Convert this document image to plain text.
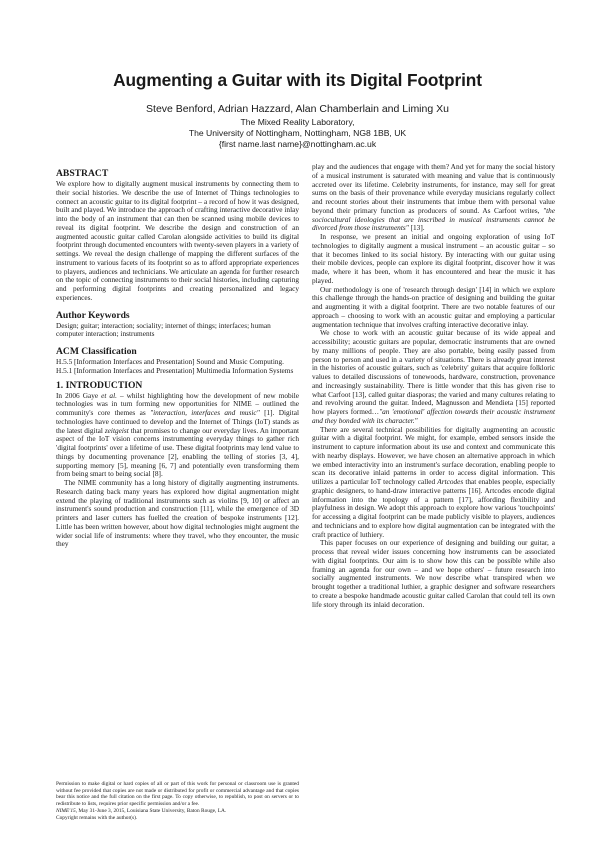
Augmenting a Guitar with its Digital Footprint
Steve Benford, Adrian Hazzard, Alan Chamberlain and Liming Xu
The Mixed Reality Laboratory,
The University of Nottingham, Nottingham, NG8 1BB, UK
{first name.last name}@nottingham.ac.uk
ABSTRACT

We explore how to digitally augment musical instruments by connecting them to their social histories. We describe the use of Internet of Things technologies to connect an acoustic guitar to its digital footprint – a record of how it was designed, built and played. We introduce the approach of crafting interactive decorative inlay into the body of an instrument that can then be scanned using mobile devices to reveal its digital footprint. We describe the design and construction of an augmented acoustic guitar called Carolan alongside activities to build its digital footprint through documented encounters with twenty-seven players in a variety of settings. We reveal the design challenge of mapping the different surfaces of the instrument to various facets of its footprint so as to afford appropriate experiences to players, audiences and technicians. We articulate an agenda for further research on the topic of connecting instruments to their social histories, including capturing and performing digital footprints and creating personalized and legacy experiences.

Author Keywords

Design; guitar; interaction; sociality; internet of things; interfaces; human computer interaction; instruments

ACM Classification

H.5.5 [Information Interfaces and Presentation] Sound and Music Computing.

H.5.1 [Information Interfaces and Presentation] Multimedia Information Systems

1. INTRODUCTION

In 2006 Gaye et al. – whilst highlighting how the development of new mobile technologies was in turn forming new opportunities for NIME – outlined the community's core themes as "interaction, interfaces and music" [1]. Digital technologies have continued to develop and the Internet of Things (IoT) stands as the latest digital zeitgeist that promises to change our everyday lives. An important aspect of the IoT vision concerns instrumenting everyday things to gather rich 'digital footprints' over a lifetime of use. These digital footprints may lend value to things by documenting provenance [2], enabling the telling of stories [3, 4], supporting memory [5], meaning [6, 7] and potentially even transforming them from being smart to being social [8].

The NIME community has a long history of digitally augmenting instruments. Research dating back many years has explored how digital augmentation might extend the playing of traditional instruments such as violins [9, 10] or affect an instrument's sound production and construction [11], while the emergence of 3D printers and laser cutters has fuelled the creation of bespoke instruments [12]. Little has been written however, about how digital technologies might augment the wider social life of instruments: where they travel, who they encounter, the music they

play and the audiences that engage with them? And yet for many the social history of a musical instrument is saturated with meaning and value that is continuously accreted over its lifetime. Celebrity instruments, for instance, may sell for great sums on the basis of their provenance while everyday musicians regularly collect and recount stories about their instruments that imbue them with personal value beyond their primary function as producers of sound. As Carfoot writes, "the sociocultural ideologies that are inscribed in musical instruments cannot be divorced from those instruments" [13].

In response, we present an initial and ongoing exploration of using IoT technologies to digitally augment a musical instrument – an acoustic guitar – so that it becomes linked to its social history. By interacting with our guitar using their mobile devices, people can explore its digital footprint, discover how it was made, where it has been, whom it has encountered and hear the music it has played.

Our methodology is one of 'research through design' [14] in which we explore this challenge through the hands-on practice of designing and building the guitar and augmenting it with a digital footprint. There are two notable features of our approach – choosing to work with an acoustic guitar and employing a particular augmentation technique that involves crafting interactive decorative inlay.

We chose to work with an acoustic guitar because of its wide appeal and accessibility; acoustic guitars are popular, democratic instruments that are owned by many millions of people. They are also portable, being easily passed from person to person and used in a variety of situations. There is already great interest in the histories of acoustic guitars, such as 'celebrity' guitars that acquire folkloric values to detailed discussions of tonewoods, hardware, construction, provenance and increasingly sustainability. There is little wonder that this has given rise to what Carfoot [13], called guitar diasporas; the varied and many cultures relating to and revolving around the guitar. Indeed, Magnusson and Mendieta [15] reported how players formed…"an 'emotional' affection towards their acoustic instrument and they bonded with its character."

There are several technical possibilities for digitally augmenting an acoustic guitar with a digital footprint. We might, for example, embed sensors inside the instrument to capture information about its use and context and communicate this with nearby displays. However, we have chosen an alternative approach in which we embed interactivity into an instrument's surface decoration, enabling people to scan its decorative inlaid patterns in order to access digital information. This utilizes a particular IoT technology called Artcodes that enables people, especially graphic designers, to hand-draw interactive patterns [16]. Artcodes encode digital information into the topology of a pattern [17], affording flexibility and playfulness in design. We adopt this approach to explore how various 'touchpoints' for accessing a digital footprint can be made publicly visible to players, audiences and technicians and to explore how digital augmentation can be integrated with the craft practice of luthiery.

This paper focuses on our experience of designing and building our guitar, a process that reveal wider issues concerning how instruments can be associated with digital footprints. Our aim is to show how this can be possible while also framing an agenda for our own – and we hope others' – future research into socially augmented instruments. We now describe what transpired when we brought together a traditional luthier, a graphic designer and software researchers to create a bespoke handmade acoustic guitar called Carolan that could tell its own life story through its inlaid decoration.

Permission to make digital or hard copies of all or part of this work for personal or classroom use is granted without fee provided that copies are not made or distributed for profit or commercial advantage and that copies bear this notice and the full citation on the first page. To copy otherwise, to republish, to post on servers or to redistribute to lists, requires prior specific permission and/or a fee.

NIME'15, May 31-June 3, 2015, Louisiana State University, Baton Rouge, LA.

Copyright remains with the author(s).
